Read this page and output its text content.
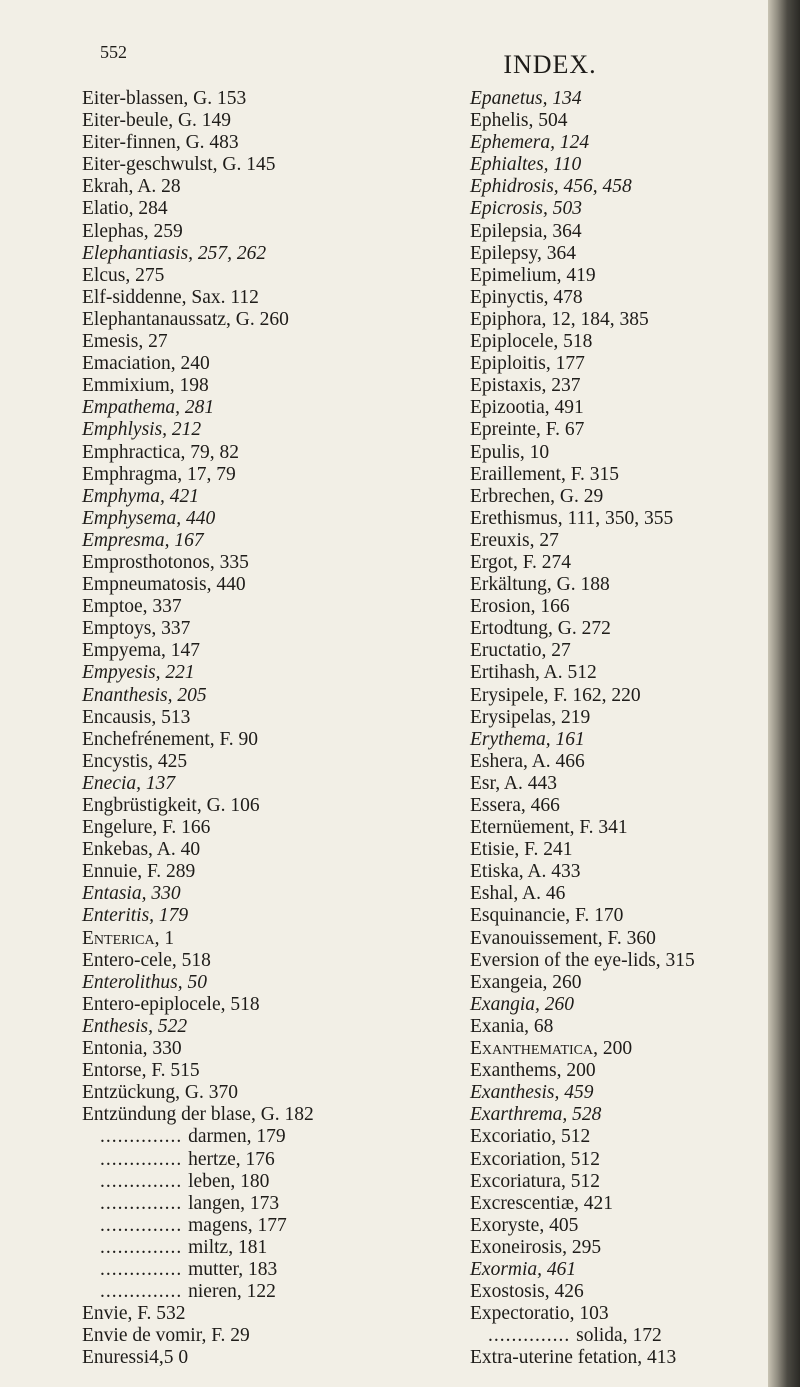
552	INDEX.
Eiter-blassen, G. 153
Eiter-beule, G. 149
Eiter-finnen, G. 483
Eiter-geschwulst, G. 145
Ekrah, A. 28
Elatio, 284
Elephas, 259
Elephantiasis, 257, 262
Elcus, 275
Elf-siddenne, Sax. 112
Elephantanaussatz, G. 260
Emesis, 27
Emaciation, 240
Emmixium, 198
Empathema, 281
Emphlysis, 212
Emphractica, 79, 82
Emphragma, 17, 79
Emphyma, 421
Emphysema, 440
Empresma, 167
Emprosthotonos, 335
Empneumatosis, 440
Emptoe, 337
Emptoys, 337
Empyema, 147
Empyesis, 221
Enanthesis, 205
Encausis, 513
Enchefrénement, F. 90
Encystis, 425
Enecia, 137
Engbrüstigkeit, G. 106
Engelure, F. 166
Enkebas, A. 40
Ennuie, F. 289
Entasia, 330
Enteritis, 179
Enterica, 1
Entero-cele, 518
Enterolithus, 50
Entero-epiplocele, 518
Enthesis, 522
Entonia, 330
Entorse, F. 515
Entzückung, G. 370
Entzündung der blase, G. 182
.............. darmen, 179
.............. hertze, 176
.............. leben, 180
.............. langen, 173
.............. magens, 177
.............. miltz, 181
.............. mutter, 183
.............. nieren, 122
Envie, F. 532
Envie de vomir, F. 29
Enuressi4,5 0
Epanetus, 134
Ephelis, 504
Ephemera, 124
Ephialtes, 110
Ephidrosis, 456, 458
Epicrosis, 503
Epilepsia, 364
Epilepsy, 364
Epimelium, 419
Epinyctis, 478
Epiphora, 12, 184, 385
Epiplocele, 518
Epiploitis, 177
Epistaxis, 237
Epizootia, 491
Epreinte, F. 67
Epulis, 10
Eraillement, F. 315
Erbrechen, G. 29
Erethismus, 111, 350, 355
Ereuxis, 27
Ergot, F. 274
Erkältung, G. 188
Erosion, 166
Ertodtung, G. 272
Eructatio, 27
Ertihash, A. 512
Erysipele, F. 162, 220
Erysipelas, 219
Erythema, 161
Eshera, A. 466
Esr, A. 443
Essera, 466
Eternüement, F. 341
Etisie, F. 241
Etiska, A. 433
Eshal, A. 46
Esquinancie, F. 170
Evanouissement, F. 360
Eversion of the eye-lids, 315
Exangeia, 260
Exangia, 260
Exania, 68
Exanthematica, 200
Exanthems, 200
Exanthesis, 459
Exarthrema, 528
Excoriatio, 512
Excoriation, 512
Excoriatura, 512
Excrescentiæ, 421
Exoryste, 405
Exoneirosis, 295
Exormia, 461
Exostosis, 426
Expectoratio, 103
.............. solida, 172
Extra-uterine fetation, 413
